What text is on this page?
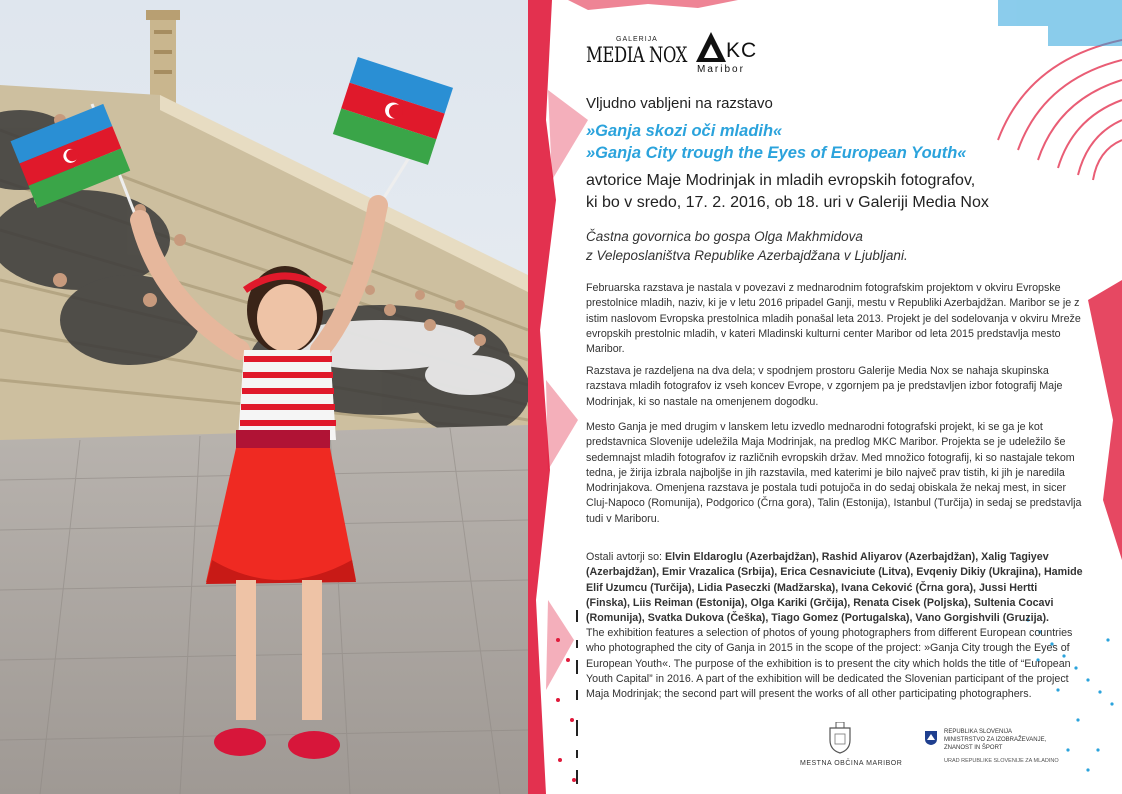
GALERIJA
MEDIA NOX KC
Maribor
Vljudno vabljeni na razstavo
»Ganja skozi oči mladih«
»Ganja City trough the Eyes of European Youth«
avtorice Maje Modrinjak in mladih evropskih fotografov,
ki bo v sredo, 17. 2. 2016, ob 18. uri v Galeriji Media Nox
Častna govornica bo gospa Olga Makhmidova
z Veleposlaništva Republike Azerbajdžana v Ljubljani.
Februarska razstava je nastala v povezavi z mednarodnim fotografskim projektom v okviru Evropske prestolnice mladih, naziv, ki je v letu 2016 pripadel Ganji, mestu v Republiki Azerbajdžan. Maribor se je z istim naslovom Evropska prestolnica mladih ponašal leta 2013. Projekt je del sodelovanja v okviru Mreže evropskih prestolnic mladih, v kateri Mladinski kulturni center Maribor od leta 2015 predstavlja mesto Maribor.
Razstava je razdeljena na dva dela; v spodnjem prostoru Galerije Media Nox se nahaja skupinska razstava mladih fotografov iz vseh koncev Evrope, v zgornjem pa je predstavljen izbor fotografij Maje Modrinjak, ki so nastale na omenjenem dogodku.
Mesto Ganja je med drugim v lanskem letu izvedlo mednarodni fotografski projekt, ki se ga je kot predstavnica Slovenije udeležila Maja Modrinjak, na predlog MKC Maribor. Projekta se je udeležilo še sedemnajst mladih fotografov iz različnih evropskih držav. Med množico fotografij, ki so nastajale tekom tedna, je žirija izbrala najboljše in jih razstavila, med katerimi je bilo največ prav tistih, ki jih je naredila Modrinjakova. Omenjena razstava je postala tudi potujoča in do sedaj obiskala že nekaj mest, in sicer Cluj-Napoco (Romunija), Podgorico (Črna gora), Talin (Estonija), Istanbul (Turčija) in sedaj se predstavlja tudi v Mariboru.
Ostali avtorji so: Elvin Eldaroglu (Azerbajdžan), Rashid Aliyarov (Azerbajdžan), Xalig Tagiyev (Azerbajdžan), Emir Vrazalica (Srbija), Erica Cesnaviciute (Litva), Evqeniy Dikiy (Ukrajina), Hamide Elif Uzumcu (Turčija), Lidia Paseczki (Madžarska), Ivana Ceković (Črna gora), Jussi Hertti (Finska), Liis Reiman (Estonija), Olga Kariki (Grčija), Renata Cisek (Poljska), Sultenia Cocavi (Romunija), Svatka Dukova (Češka), Tiago Gomez (Portugalska), Vano Gorgishvili (Gruzija).
The exhibition features a selection of photos of young photographers from different European countries who photographed the city of Ganja in 2015 in the scope of the project: »Ganja City trough the Eyes of European Youth«. The purpose of the exhibition is to present the city which holds the title of “European Youth Capital” in 2016. A part of the exhibition will be dedicated the Slovenian participant of the project Maja Modrinjak; the second part will present the works of all other participating photographers.
MESTNA OBČINA MARIBOR
REPUBLIKA SLOVENIJA
MINISTRSTVO ZA IZOBRAŽEVANJE,
ZNANOST IN ŠPORT
URAD REPUBLIKE SLOVENIJE ZA MLADINO
